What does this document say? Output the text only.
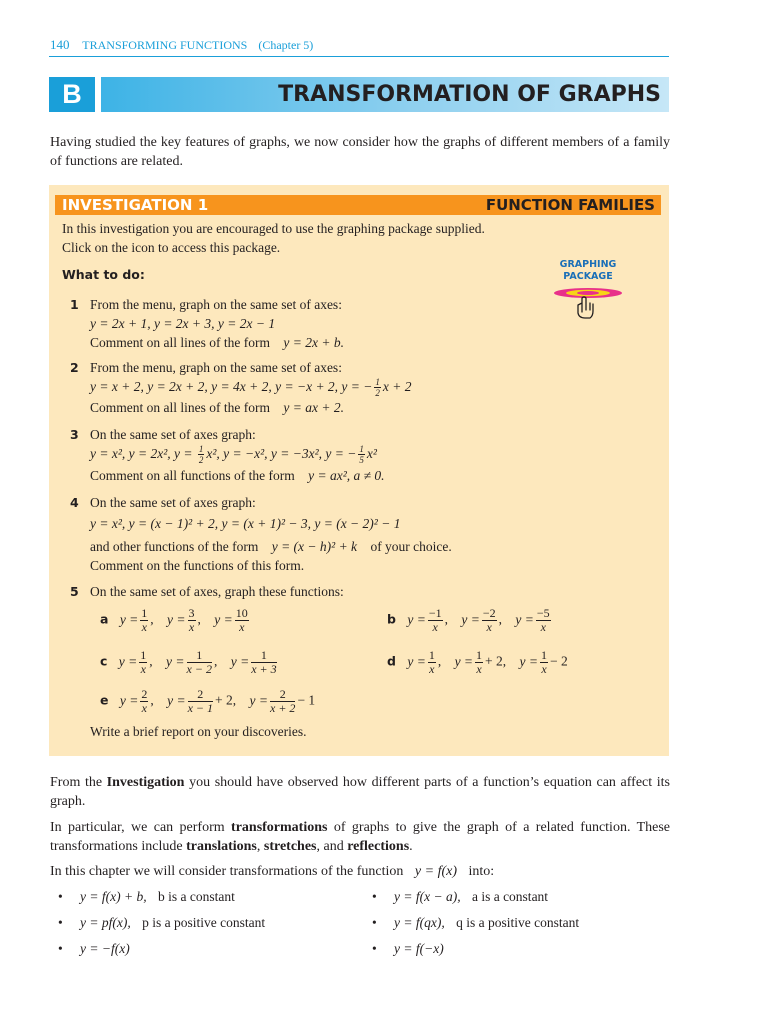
140 TRANSFORMING FUNCTIONS (Chapter 5)
B	TRANSFORMATION OF GRAPHS
Having studied the key features of graphs, we now consider how the graphs of different members of a family of functions are related.
INVESTIGATION 1	FUNCTION FAMILIES
In this investigation you are encouraged to use the graphing package supplied.
Click on the icon to access this package.
What to do:
GRAPHING
PACKAGE
1 From the menu, graph on the same set of axes:
y = 2x + 1, y = 2x + 3, y = 2x − 1
Comment on all lines of the form y = 2x + b.
2 From the menu, graph on the same set of axes:
y = x + 2, y = 2x + 2, y = 4x + 2, y = −x + 2, y = − $\frac{1}{2}$ x + 2
Comment on all lines of the form y = ax + 2.
3 On the same set of axes graph:
y = x², y = 2x², $y = \frac{1}{2} x^2$, y = −x², y = −3x², y = − $\frac{1}{5} x^2$
Comment on all functions of the form y = ax², a ≠ 0.
4 On the same set of axes graph:
y = x², y = (x − 1)² + 2, y = (x + 1)² − 3, y = (x − 2)² − 1
and other functions of the form y = (x − h)² + k of your choice.
Comment on the functions of this form.
5 On the same set of axes, graph these functions:
a $y = \frac{1}{x}$ , $y = \frac{3}{x}$ , $y = \frac{10}{x}$	b $y = \frac{-1}{x}$ , $y = \frac{-2}{x}$ , $y = \frac{-5}{x}$
c $y = \frac{1}{x}$ , $y = \frac{1}{x - 2}$ , $y = \frac{1}{x + 3}$	d $y = \frac{1}{x}$ , $y = \frac{1}{x} + 2$, $y = \frac{1}{x} - 2$
e $y = \frac{2}{x}$ , $y = \frac{2}{x - 1} + 2$, $y = \frac{2}{x + 2} - 1$
Write a brief report on your discoveries.
From the Investigation you should have observed how different parts of a function’s equation can affect its graph.
In particular, we can perform transformations of graphs to give the graph of a related function. These transformations include translations, stretches, and reflections.
In this chapter we will consider transformations of the function y = f(x) into:
• y = f(x) + b, b is a constant	• y = f(x − a), a is a constant
• y = pf(x), p is a positive constant	• y = f(qx), q is a positive constant
• y = −f(x)	• y = f(−x)
